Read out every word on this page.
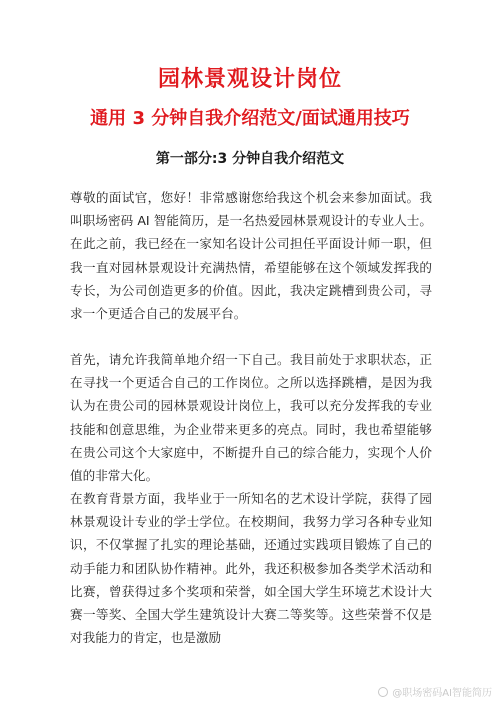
园林景观设计岗位
通用 3 分钟自我介绍范文/面试通用技巧
第一部分:3 分钟自我介绍范文
尊敬的面试官，您好！非常感谢您给我这个机会来参加面试。我叫职场密码 AI 智能简历，是一名热爱园林景观设计的专业人士。在此之前，我已经在一家知名设计公司担任平面设计师一职，但我一直对园林景观设计充满热情，希望能够在这个领域发挥我的专长，为公司创造更多的价值。因此，我决定跳槽到贵公司，寻求一个更适合自己的发展平台。
首先，请允许我简单地介绍一下自己。我目前处于求职状态，正在寻找一个更适合自己的工作岗位。之所以选择跳槽，是因为我认为在贵公司的园林景观设计岗位上，我可以充分发挥我的专业技能和创意思维，为企业带来更多的亮点。同时，我也希望能够在贵公司这个大家庭中，不断提升自己的综合能力，实现个人价值的非常大化。
在教育背景方面，我毕业于一所知名的艺术设计学院，获得了园林景观设计专业的学士学位。在校期间，我努力学习各种专业知识，不仅掌握了扎实的理论基础，还通过实践项目锻炼了自己的动手能力和团队协作精神。此外，我还积极参加各类学术活动和比赛，曾获得过多个奖项和荣誉，如全国大学生环境艺术设计大赛一等奖、全国大学生建筑设计大赛二等奖等。这些荣誉不仅是对我能力的肯定，也是激励
@职场密码AI智能简历
